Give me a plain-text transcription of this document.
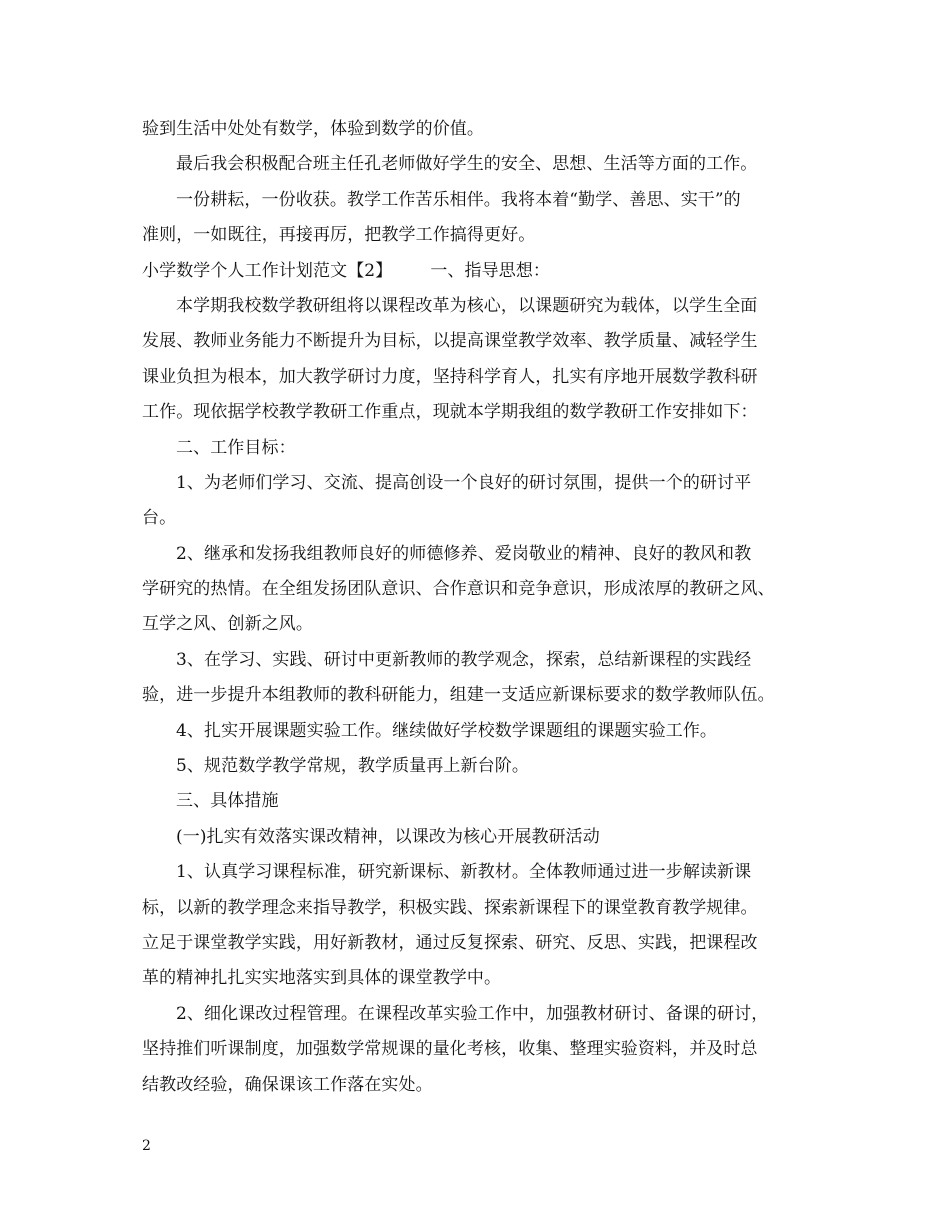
验到生活中处处有数学，体验到数学的价值。
最后我会积极配合班主任孔老师做好学生的安全、思想、生活等方面的工作。
一份耕耘，一份收获。教学工作苦乐相伴。我将本着“勤学、善思、实干”的
准则，一如既往，再接再厉，把教学工作搞得更好。
小学数学个人工作计划范文【2】 一、指导思想：
本学期我校数学教研组将以课程改革为核心，以课题研究为载体，以学生全面
发展、教师业务能力不断提升为目标，以提高课堂教学效率、教学质量、减轻学生
课业负担为根本，加大教学研讨力度，坚持科学育人，扎实有序地开展数学教科研
工作。现依据学校教学教研工作重点，现就本学期我组的数学教研工作安排如下：
二、工作目标：
1、为老师们学习、交流、提高创设一个良好的研讨氛围，提供一个的研讨平
台。
2、继承和发扬我组教师良好的师德修养、爱岗敬业的精神、良好的教风和教
学研究的热情。在全组发扬团队意识、合作意识和竞争意识，形成浓厚的教研之风、
互学之风、创新之风。
3、在学习、实践、研讨中更新教师的教学观念，探索，总结新课程的实践经
验，进一步提升本组教师的教科研能力，组建一支适应新课标要求的数学教师队伍。
4、扎实开展课题实验工作。继续做好学校数学课题组的课题实验工作。
5、规范数学教学常规，教学质量再上新台阶。
三、具体措施
(一)扎实有效落实课改精神，以课改为核心开展教研活动
1、认真学习课程标准，研究新课标、新教材。全体教师通过进一步解读新课
标，以新的教学理念来指导教学，积极实践、探索新课程下的课堂教育教学规律。
立足于课堂教学实践，用好新教材，通过反复探索、研究、反思、实践，把课程改
革的精神扎扎实实地落实到具体的课堂教学中。
2、细化课改过程管理。在课程改革实验工作中，加强教材研讨、备课的研讨，
坚持推们听课制度，加强数学常规课的量化考核，收集、整理实验资料，并及时总
结教改经验，确保课该工作落在实处。
2
